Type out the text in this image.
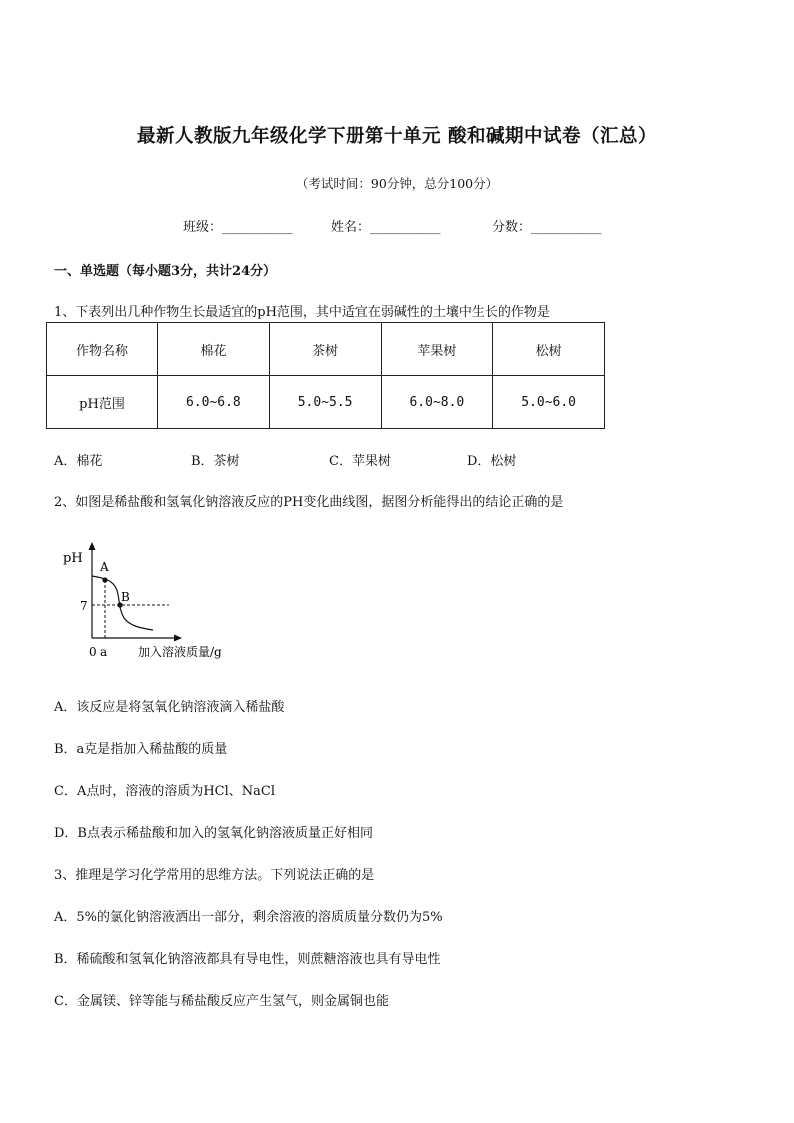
最新人教版九年级化学下册第十单元 酸和碱期中试卷（汇总）
（考试时间：90分钟，总分100分）
班级：_________	姓名：_________	分数：_________
一、单选题（每小题3分，共计24分）
1、下表列出几种作物生长最适宜的pH范围，其中适宜在弱碱性的土壤中生长的作物是
作物名称	棉花	茶树	苹果树	松树
pH范围	6.0~6.8	5.0~5.5	6.0~8.0	5.0~6.0
A．棉花	B．茶树	C．苹果树	D．松树
2、如图是稀盐酸和氢氧化钠溶液反应的PH变化曲线图，据图分析能得出的结论正确的是
pH
A
B
7
0 a	加入溶液质量/g
A．该反应是将氢氧化钠溶液滴入稀盐酸
B．a克是指加入稀盐酸的质量
C．A点时，溶液的溶质为HCl、NaCl
D．B点表示稀盐酸和加入的氢氧化钠溶液质量正好相同
3、推理是学习化学常用的思维方法。下列说法正确的是
A．5%的氯化钠溶液洒出一部分，剩余溶液的溶质质量分数仍为5%
B．稀硫酸和氢氧化钠溶液都具有导电性，则蔗糖溶液也具有导电性
C．金属镁、锌等能与稀盐酸反应产生氢气，则金属铜也能
